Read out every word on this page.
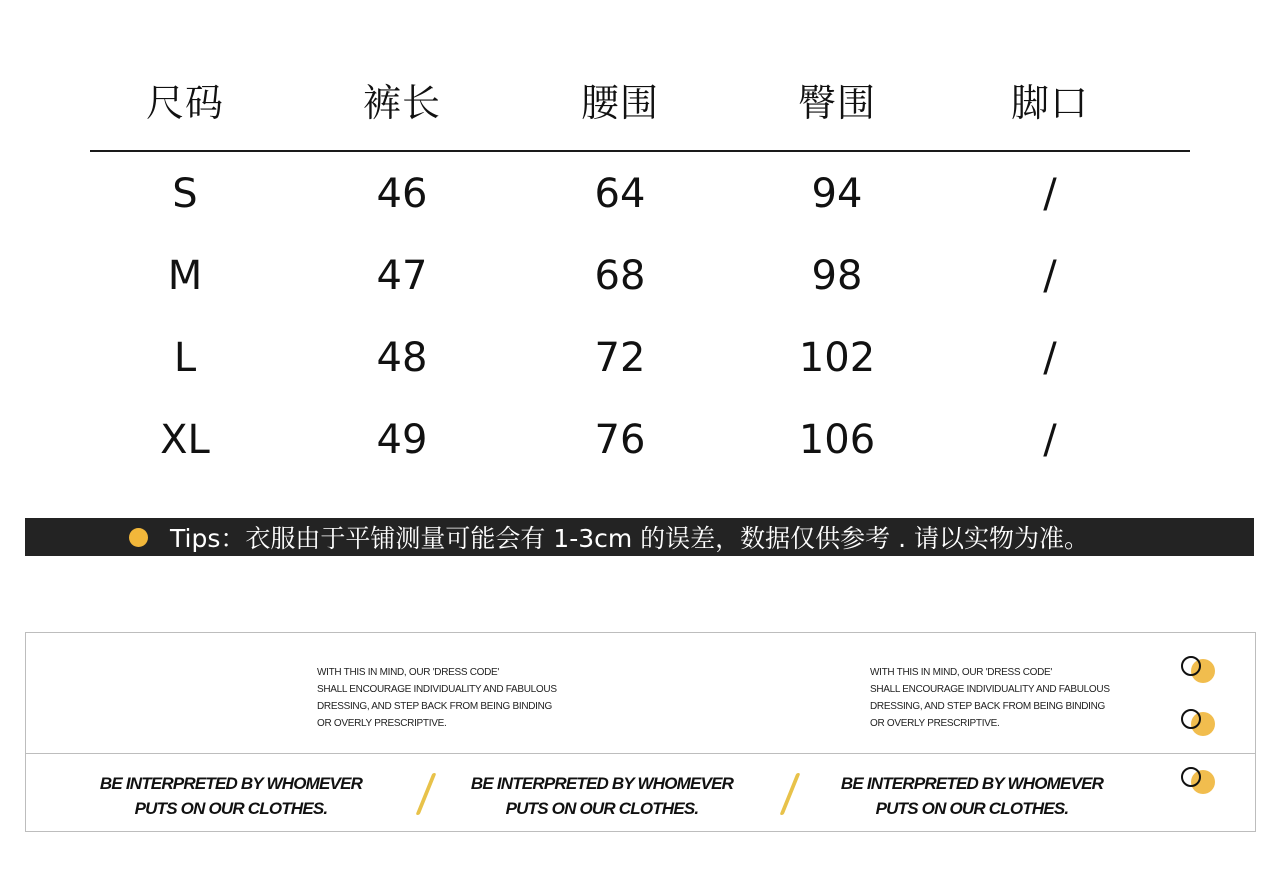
尺码	裤长	腰围	臀围	脚口
S	46	64	94	/
M	47	68	98	/
L	48	72	102	/
XL	49	76	106	/
Tips：衣服由于平铺测量可能会有 1-3cm 的误差，数据仅供参考 . 请以实物为准。
WITH THIS IN MIND, OUR 'DRESS CODE'
SHALL ENCOURAGE INDIVIDUALITY AND FABULOUS
DRESSING, AND STEP BACK FROM BEING BINDING
OR OVERLY PRESCRIPTIVE.
WITH THIS IN MIND, OUR 'DRESS CODE'
SHALL ENCOURAGE INDIVIDUALITY AND FABULOUS
DRESSING, AND STEP BACK FROM BEING BINDING
OR OVERLY PRESCRIPTIVE.
BE INTERPRETED BY WHOMEVER
PUTS ON OUR CLOTHES.
BE INTERPRETED BY WHOMEVER
PUTS ON OUR CLOTHES.
BE INTERPRETED BY WHOMEVER
PUTS ON OUR CLOTHES.
